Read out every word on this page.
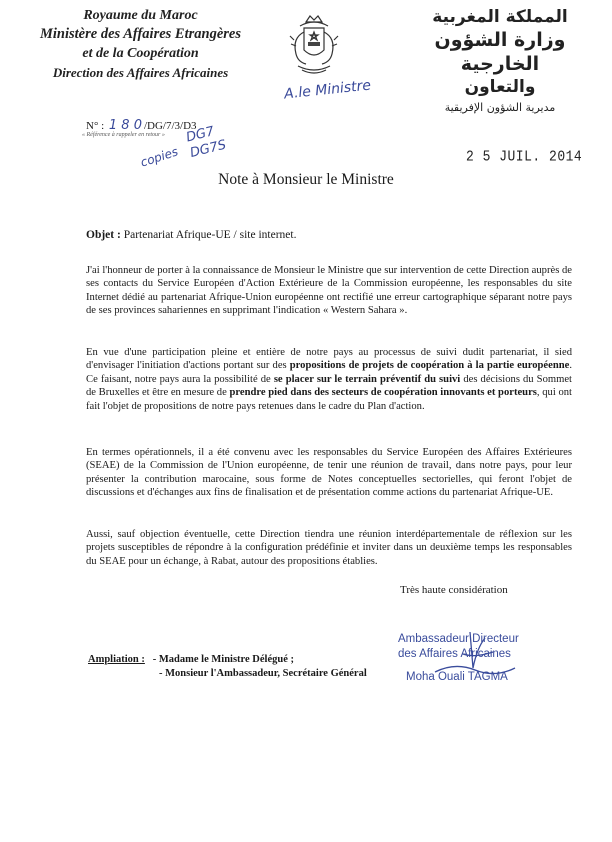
Royaume du Maroc
Ministère des Affaires Etrangères
et de la Coopération
Direction des Affaires Africaines
المملكة المغربية
وزارة الشؤون الخارجية
والتعاون
مديرية الشؤون الإفريقية
A.le Ministre
N° : 1 8 0 /DG/7/3/D3
« Référence à rappeler en retour »
copies
DG7
DG7S	2 5 JUIL. 2014
Note à Monsieur le Ministre
Objet : Partenariat Afrique-UE / site internet.
J'ai l'honneur de porter à la connaissance de Monsieur le Ministre que sur intervention de cette Direction auprès de ses contacts du Service Européen d'Action Extérieure de la Commission européenne, les responsables du site Internet dédié au partenariat Afrique-Union européenne ont rectifié une erreur cartographique séparant notre pays de ses provinces sahariennes en supprimant l'indication « Western Sahara ».
En vue d'une participation pleine et entière de notre pays au processus de suivi dudit partenariat, il sied d'envisager l'initiation d'actions portant sur des propositions de projets de coopération à la partie européenne. Ce faisant, notre pays aura la possibilité de se placer sur le terrain préventif du suivi des décisions du Sommet de Bruxelles et être en mesure de prendre pied dans des secteurs de coopération innovants et porteurs, qui ont fait l'objet de propositions de notre pays retenues dans le cadre du Plan d'action.
En termes opérationnels, il a été convenu avec les responsables du Service Européen des Affaires Extérieures (SEAE) de la Commission de l'Union européenne, de tenir une réunion de travail, dans notre pays, pour leur présenter la contribution marocaine, sous forme de Notes conceptuelles sectorielles, qui feront l'objet de discussions et d'échanges aux fins de finalisation et de présentation comme actions du partenariat Afrique-UE.
Aussi, sauf objection éventuelle, cette Direction tiendra une réunion interdépartementale de réflexion sur les projets susceptibles de répondre à la configuration prédéfinie et inviter dans un deuxième temps les responsables du SEAE pour un échange, à Rabat, autour des propositions établies.
Très haute considération
Ampliation : - Madame le Ministre Délégué ;
- Monsieur l'Ambassadeur, Secrétaire Général
Ambassadeur Directeur
des Affaires Africaines
Moha Ouali TAGMA
